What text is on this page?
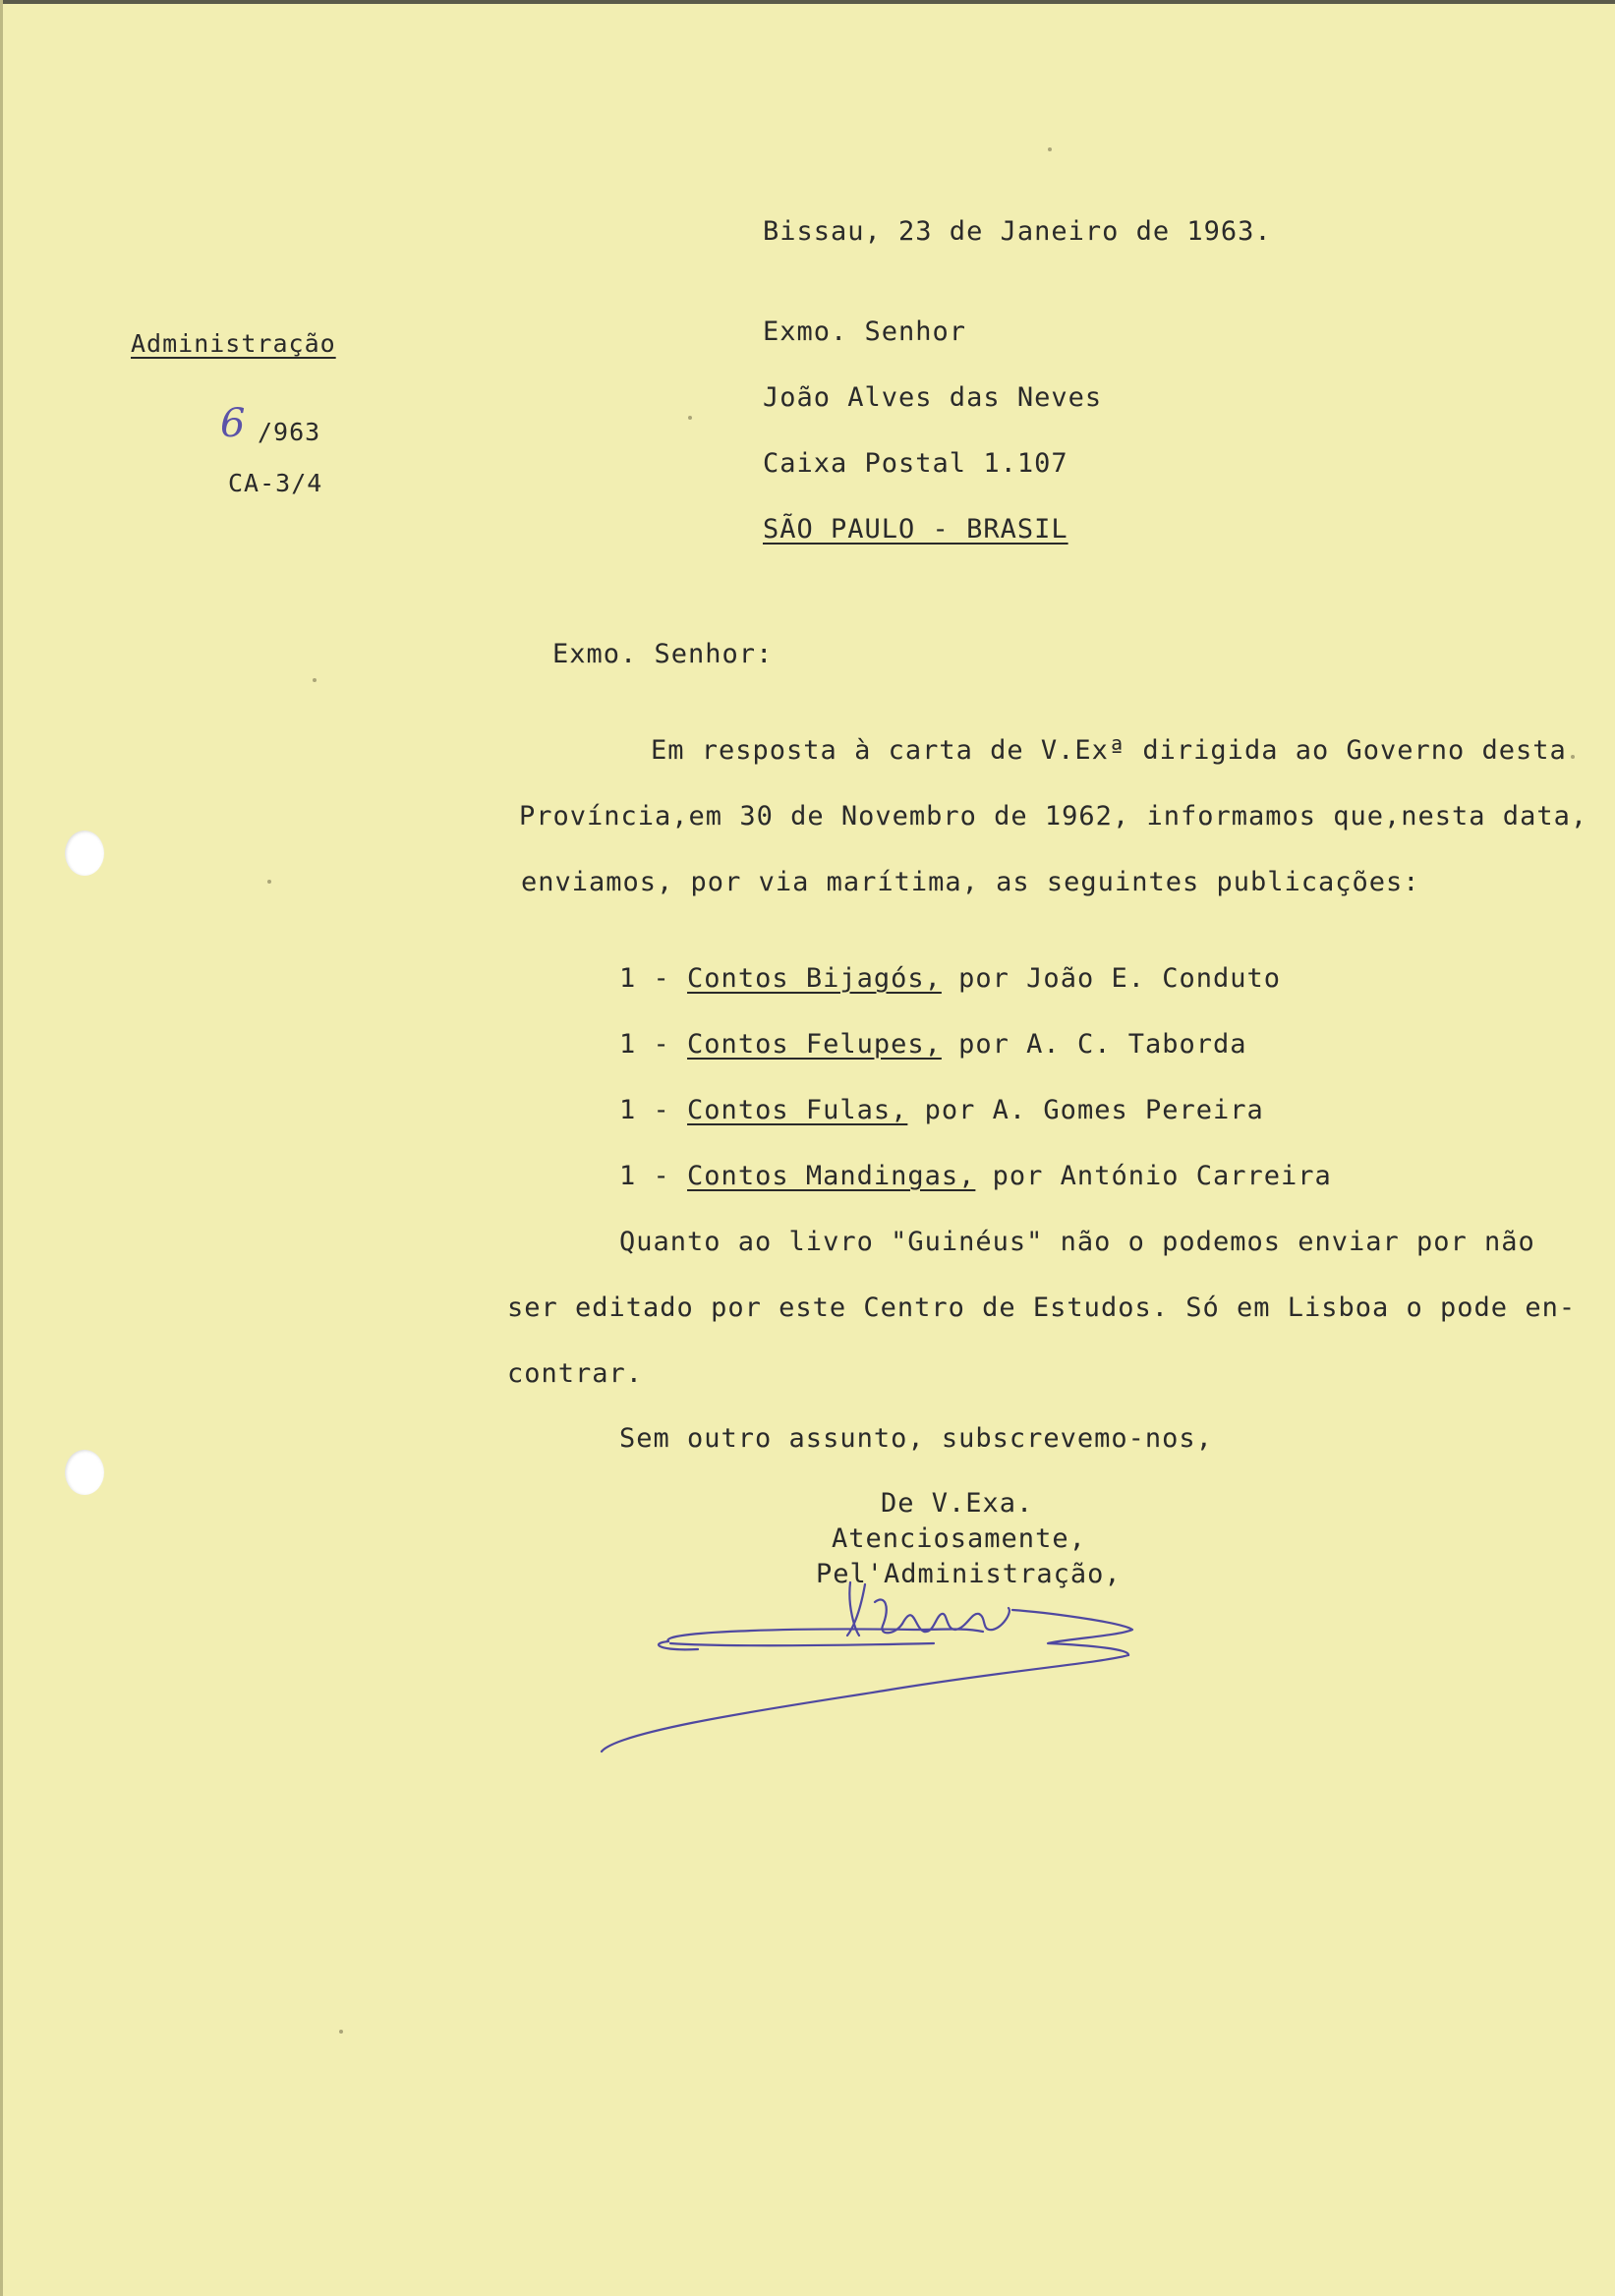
Bissau, 23 de Janeiro de 1963.
Administração
6 /963
CA-3/4
Exmo. Senhor
João Alves das Neves
Caixa Postal 1.107
SÃO PAULO - BRASIL
Exmo. Senhor:
Em resposta à carta de V.Exª dirigida ao Governo desta
Província,em 30 de Novembro de 1962, informamos que,nesta data,
enviamos, por via marítima, as seguintes publicações:
1 - Contos Bijagós, por João E. Conduto
1 - Contos Felupes, por A. C. Taborda
1 - Contos Fulas, por A. Gomes Pereira
1 - Contos Mandingas, por António Carreira
Quanto ao livro "Guinéus" não o podemos enviar por não
ser editado por este Centro de Estudos. Só em Lisboa o pode en-
contrar.
Sem outro assunto, subscrevemo-nos,
De V.Exa.
Atenciosamente,
Pel'Administração,
